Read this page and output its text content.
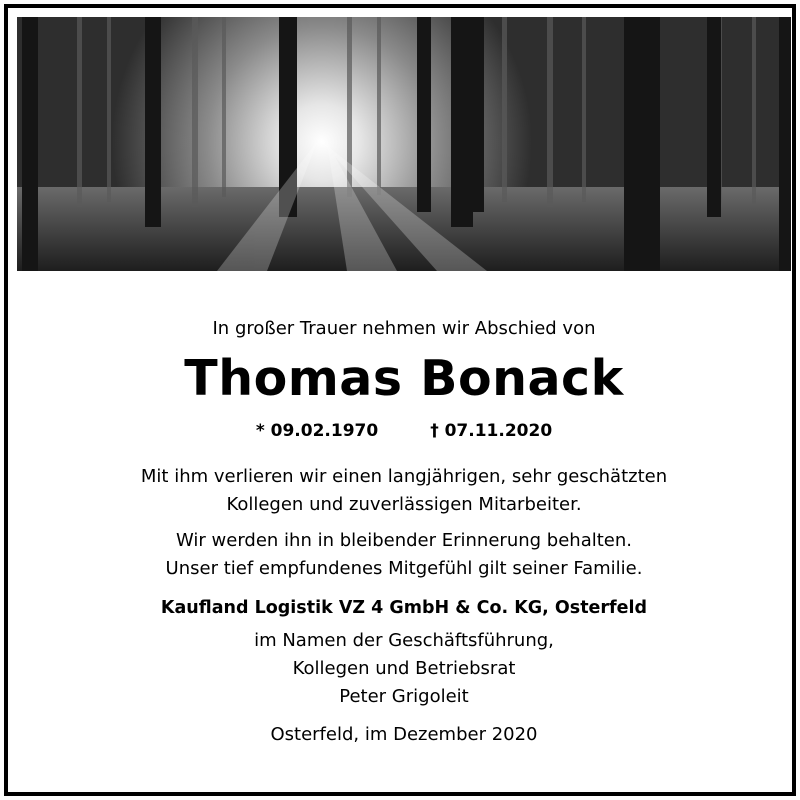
In großer Trauer nehmen wir Abschied von
Thomas Bonack
* 09.02.1970	† 07.11.2020
Mit ihm verlieren wir einen langjährigen, sehr geschätzten
Kollegen und zuverlässigen Mitarbeiter.
Wir werden ihn in bleibender Erinnerung behalten.
Unser tief empfundenes Mitgefühl gilt seiner Familie.
Kaufland Logistik VZ 4 GmbH & Co. KG, Osterfeld
im Namen der Geschäftsführung,
Kollegen und Betriebsrat
Peter Grigoleit
Osterfeld, im Dezember 2020
